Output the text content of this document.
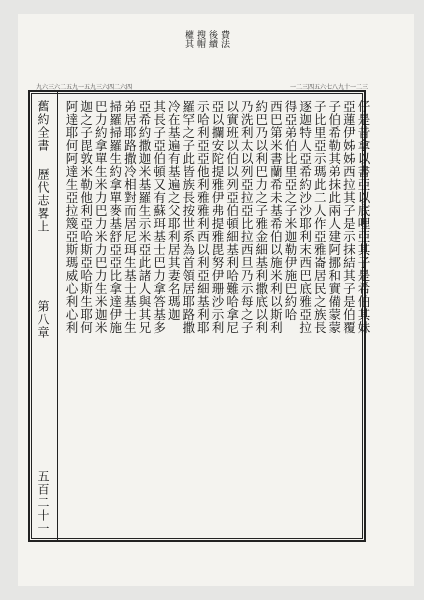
費法
後續
搜帽
權其
九六三六二五九一五九三六四二六四	一二三四五六七八九十一二三
舊約全書
歷代志畧上
第八章
五百二十一
仔是昔拿以書亞以底哩亞其子是希伯其妹
亞蓮伊姊姊西拉其子是示抹結其子是伯覆
子伯希勒其弟抹此兩人建阿挪和實備蒙蒙
子比里亞示瑪此二人作亞雅崙居民之族長
逐迦特人亞希約沙沙耶利末西巴底雅亞拉
得亞弟伯比里亞之子米迦勒伊施巴約哈
西巴第米書蘭希未基希伯以施米利以斯利
約巴乃以利巴力之子雅金細基利撒底以利
乃洗利太以列亞拉亞比拉西旦乃示每之子
以實班以伯以列亞伯頓細基利哈難哈拿尼
亞以攔安陀提雅伊弗提雅毘努伊珊沙示利
示哈利亞亞他利雅雅利西以利亞細基利耶
羅罕之子此皆族長按世系為首領居耶路撒
冷在基遍有基遍之父耶利居其妻名瑪迦
其長子亞伯頓又有蘇珥基士巴力拿答基多
亞希約撒迦米基羅生示米亞此諸人與其兄
弟居耶路撒冷相對而居尼珥生基士基士生
掃羅掃羅生約拿單麥基舒亞亞比拿達伊施
巴力約拿單生米力巴力米力巴力生米迦米
迦之子毘敦米勒他利亞哈斯亞哈斯生耶何
阿達耶何阿達生亞拉篾亞斯瑪威心利心利
